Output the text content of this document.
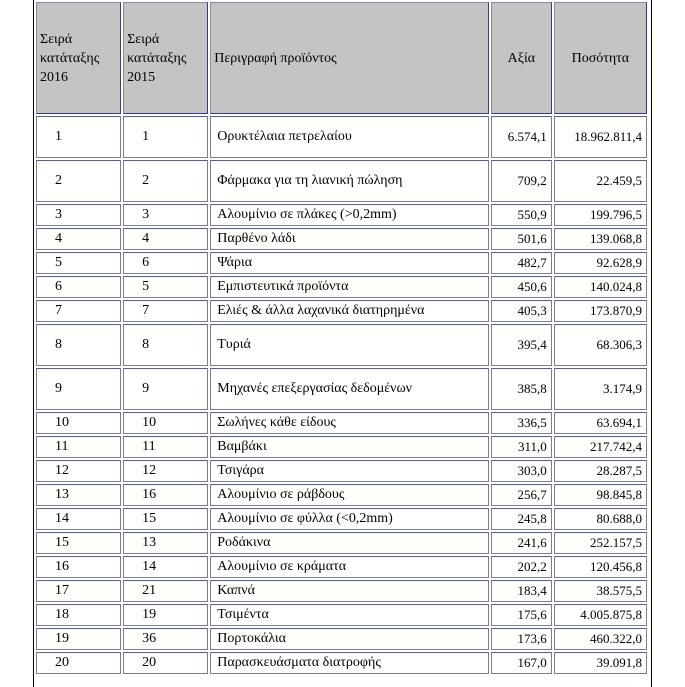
Σειρά κατάταξης 2016	Σειρά κατάταξης 2015	Περιγραφή προϊόντος	Αξία	Ποσότητα
1	1	Ορυκτέλαια πετρελαίου	6.574,1	18.962.811,4
2	2	Φάρμακα για τη λιανική πώληση	709,2	22.459,5
3	3	Αλουμίνιο σε πλάκες (>0,2mm)	550,9	199.796,5
4	4	Παρθένο λάδι	501,6	139.068,8
5	6	Ψάρια	482,7	92.628,9
6	5	Εμπιστευτικά προϊόντα	450,6	140.024,8
7	7	Ελιές & άλλα λαχανικά διατηρημένα	405,3	173.870,9
8	8	Τυριά	395,4	68.306,3
9	9	Μηχανές επεξεργασίας δεδομένων	385,8	3.174,9
10	10	Σωλήνες κάθε είδους	336,5	63.694,1
11	11	Βαμβάκι	311,0	217.742,4
12	12	Τσιγάρα	303,0	28.287,5
13	16	Αλουμίνιο σε ράβδους	256,7	98.845,8
14	15	Αλουμίνιο σε φύλλα (<0,2mm)	245,8	80.688,0
15	13	Ροδάκινα	241,6	252.157,5
16	14	Αλουμίνιο σε κράματα	202,2	120.456,8
17	21	Καπνά	183,4	38.575,5
18	19	Τσιμέντα	175,6	4.005.875,8
19	36	Πορτοκάλια	173,6	460.322,0
20	20	Παρασκευάσματα διατροφής	167,0	39.091,8
